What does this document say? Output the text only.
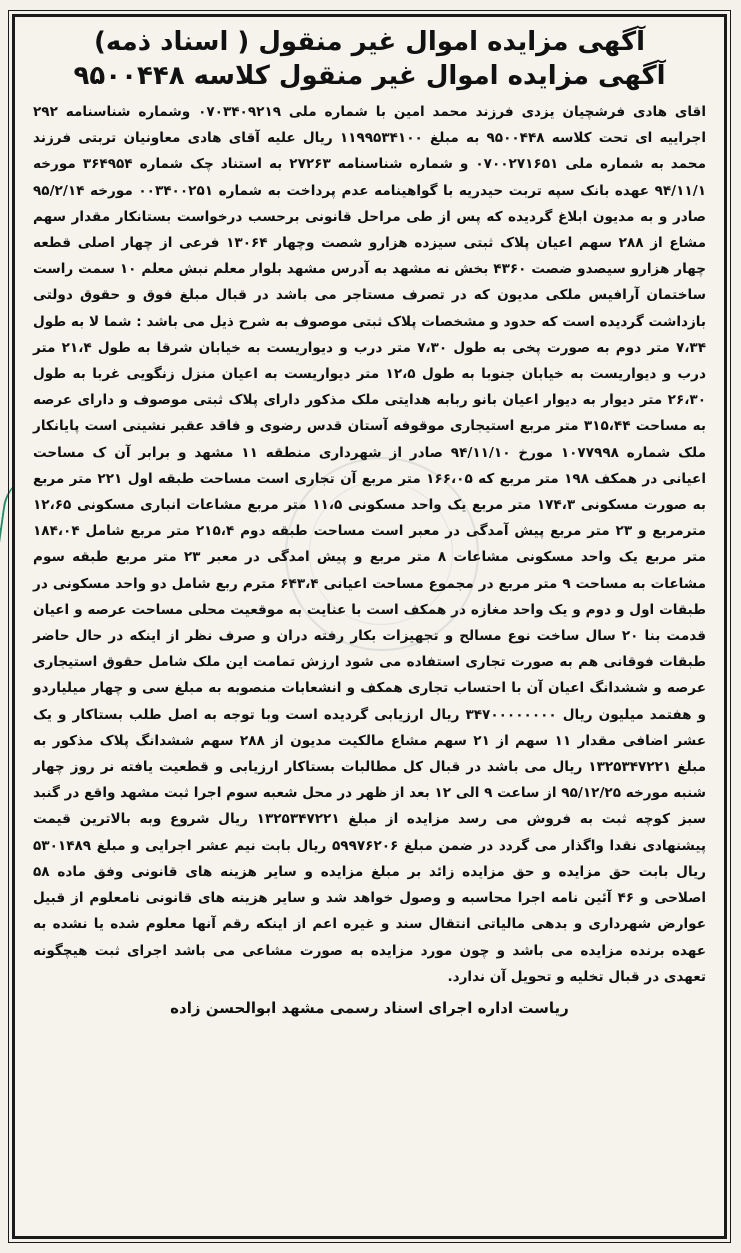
آگهی مزایده اموال غیر منقول ( اسناد ذمه)
آگهی مزایده اموال غیر منقول کلاسه ۹۵۰۰۴۴۸

اقای هادی فرشچیان یزدی فرزند محمد امین با شماره ملی ۰۷۰۳۴۰۹۲۱۹ وشماره شناسنامه ۲۹۲ اجراییه ای تحت کلاسه ۹۵۰۰۴۴۸ به مبلغ ۱۱۹۹۵۳۴۱۰۰ ریال علیه آقای هادی معاونیان تربتی فرزند محمد به شماره ملی ۰۷۰۰۲۷۱۶۵۱ و شماره شناسنامه ۲۷۲۶۳ به استناد چک شماره ۳۶۴۹۵۴ مورخه ۹۴/۱۱/۱ عهده بانک سپه تربت حیدریه با گواهینامه عدم پرداخت به شماره ۰۰۳۴۰۰۲۵۱ مورخه ۹۵/۲/۱۴ صادر و به مدیون ابلاغ گردیده که پس از طی مراحل قانونی برحسب درخواست بستانکار مقدار سهم مشاع از ۲۸۸ سهم اعیان پلاک ثبتی سیزده هزارو شصت وچهار ۱۳۰۶۴ فرعی از چهار اصلی قطعه چهار هزارو سیصدو ضصت ۴۳۶۰ بخش نه مشهد به آدرس مشهد بلوار معلم نبش معلم ۱۰ سمت راست ساختمان آرافیس ملکی مدیون که در تصرف مستاجر می باشد در قبال مبلغ فوق و حقوق دولتی بازداشت گردیده است که حدود و مشخصات پلاک ثبتی موصوف به شرح ذیل می باشد : شما لا به طول ۷،۳۴ متر دوم به صورت پخی به طول ۷،۳۰ متر درب و دیواریست به خیابان شرقا به طول ۲۱،۴ متر درب و دیواریست به خیابان جنوبا به طول ۱۲،۵ متر دیواریست به اعیان منزل زنگویی غربا به طول ۲۶،۳۰ متر دیوار به دیوار اعیان بانو ربابه هدایتی ملک مذکور دارای پلاک ثبتی موصوف و دارای عرصه به مساحت ۳۱۵،۴۴ متر مربع استیجاری موقوفه آستان قدس رضوی و فاقد عقبر نشینی است پایانکار ملک شماره ۱۰۷۷۹۹۸ مورخ ۹۴/۱۱/۱۰ صادر از شهرداری منطقه ۱۱ مشهد و برابر آن ک مساحت اعیانی در همکف ۱۹۸ متر مربع که ۱۶۶،۰۵ متر مربع آن تجاری است مساحت طبقه اول ۲۲۱ متر مربع به صورت مسکونی ۱۷۴،۳ متر مربع یک واحد مسکونی ۱۱،۵ متر مربع مشاعات انباری مسکونی ۱۲،۶۵ مترمربع و ۲۳ متر مربع پیش آمدگی در معبر است مساحت طبقه دوم ۲۱۵،۴ متر مربع شامل ۱۸۴،۰۴ متر مربع یک واحد مسکونی مشاعات ۸ متر مربع و پیش امدگی در معبر ۲۳ متر مربع طبقه سوم مشاعات به مساحت ۹ متر مربع در مجموع مساحت اعیانی ۶۴۳،۴ مترم ربع شامل دو واحد مسکونی در طبقات اول و دوم و یک واحد مغازه در همکف است با عنایت به موقعیت محلی مساحت عرصه و اعیان قدمت بنا ۲۰ سال ساخت نوع مسالح و تجهیزات بکار رفته دران و صرف نظر از اینکه در حال حاضر طبقات فوقانی هم به صورت تجاری استفاده می شود ارزش تمامت این ملک شامل حقوق استیجاری عرصه و ششدانگ اعیان آن با احتساب تجاری همکف و انشعابات منصوبه به مبلغ سی و چهار میلیاردو و هفتمد میلیون ریال ۳۴۷۰۰۰۰۰۰۰۰ ریال ارزیابی گردیده است وبا توجه به اصل طلب بستاکار و یک عشر اضافی مقدار ۱۱ سهم از ۲۱ سهم مشاع مالکیت مدیون از ۲۸۸ سهم ششدانگ پلاک مذکور به مبلغ ۱۳۲۵۳۴۷۲۲۱ ریال می باشد در قبال کل مطالبات بستاکار ارزیابی و قطعیت یافته نر روز چهار شنبه مورخه ۹۵/۱۲/۲۵ از ساعت ۹ الی ۱۲ بعد از ظهر در محل شعبه سوم اجرا ثبت مشهد واقع در گنبد سبز کوچه ثبت به فروش می رسد مزایده از مبلغ ۱۳۲۵۳۴۷۲۲۱ ریال شروع وبه بالاترین قیمت پیشنهادی نقدا واگذار می گردد در ضمن مبلغ ۵۹۹۷۶۲۰۶ ریال بابت نیم عشر اجرایی و مبلغ ۵۳۰۱۴۸۹ ریال بابت حق مزایده و حق مزایده زائد بر مبلغ مزایده و سایر هزینه های قانونی وفق ماده ۵۸ اصلاحی و ۴۶ آئین نامه اجرا محاسبه و وصول خواهد شد و سایر هزینه های قانونی نامعلوم از قبیل عوارض شهرداری و بدهی مالیاتی انتقال سند و غیره اعم از اینکه رقم آنها معلوم شده یا نشده به عهده برنده مزایده می باشد و چون مورد مزایده به صورت مشاعی می باشد اجرای ثبت هیچگونه تعهدی در قبال تخلیه و تحویل آن ندارد.

ریاست اداره اجرای اسناد رسمی مشهد ابوالحسن زاده
